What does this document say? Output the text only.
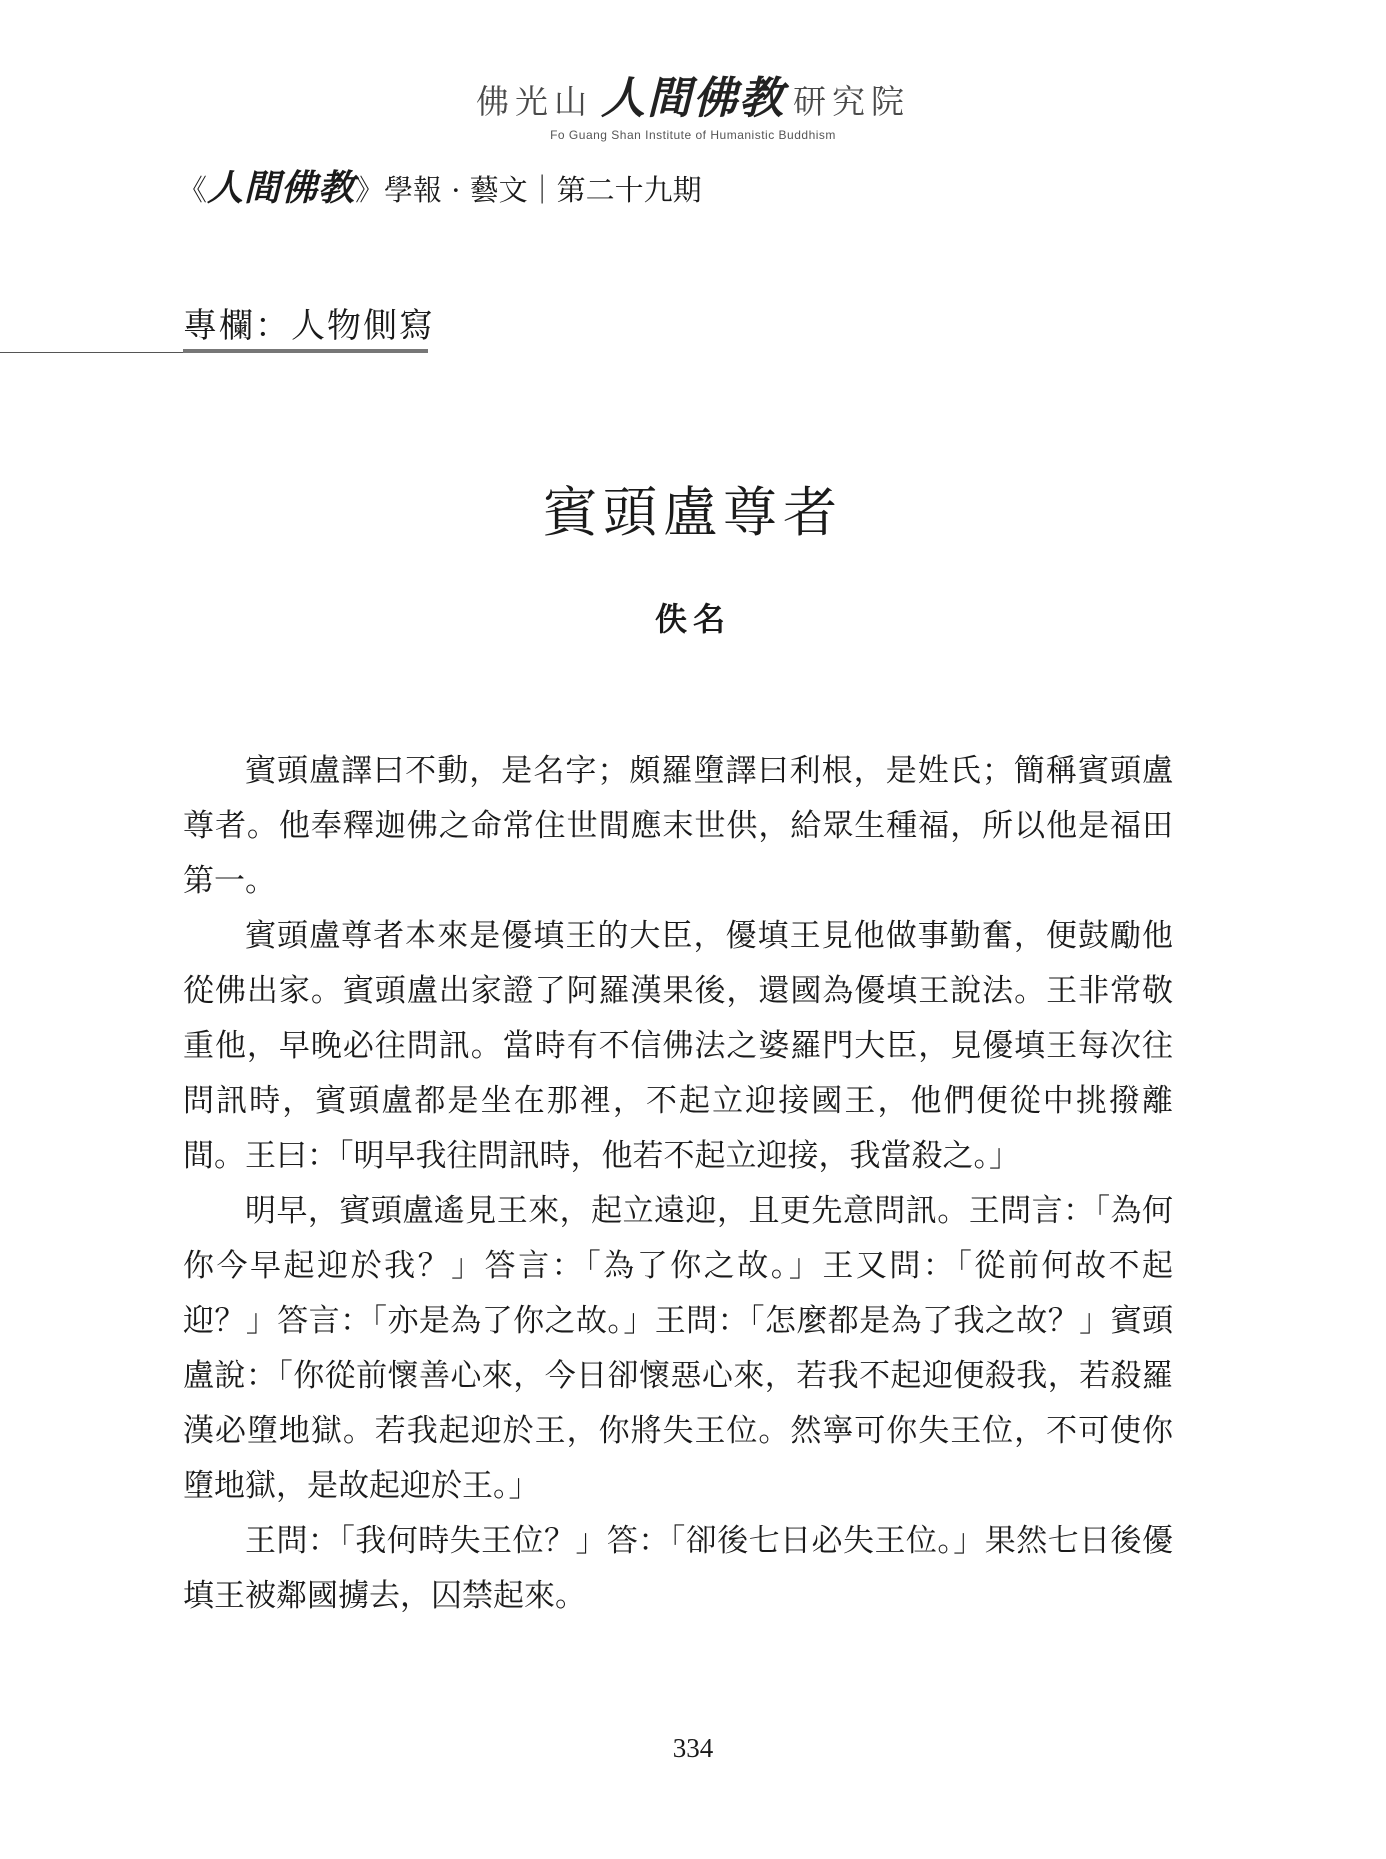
佛光山 人間佛教 研究院
Fo Guang Shan Institute of Humanistic Buddhism
《人間佛教》學報 · 藝文｜第二十九期
專欄：人物側寫
賓頭盧尊者
佚名

賓頭盧譯曰不動，是名字；頗羅墮譯曰利根，是姓氏；簡稱賓頭盧尊者。他奉釋迦佛之命常住世間應末世供，給眾生種福，所以他是福田第一。

賓頭盧尊者本來是優填王的大臣，優填王見他做事勤奮，便鼓勵他從佛出家。賓頭盧出家證了阿羅漢果後，還國為優填王說法。王非常敬重他，早晚必往問訊。當時有不信佛法之婆羅門大臣，見優填王每次往問訊時，賓頭盧都是坐在那裡，不起立迎接國王，他們便從中挑撥離間。王曰：「明早我往問訊時，他若不起立迎接，我當殺之。」

明早，賓頭盧遙見王來，起立遠迎，且更先意問訊。王問言：「為何你今早起迎於我？」答言：「為了你之故。」王又問：「從前何故不起迎？」答言：「亦是為了你之故。」王問：「怎麼都是為了我之故？」賓頭盧說：「你從前懷善心來，今日卻懷惡心來，若我不起迎便殺我，若殺羅漢必墮地獄。若我起迎於王，你將失王位。然寧可你失王位，不可使你墮地獄，是故起迎於王。」

王問：「我何時失王位？」答：「卻後七日必失王位。」果然七日後優填王被鄰國擄去，囚禁起來。

334
